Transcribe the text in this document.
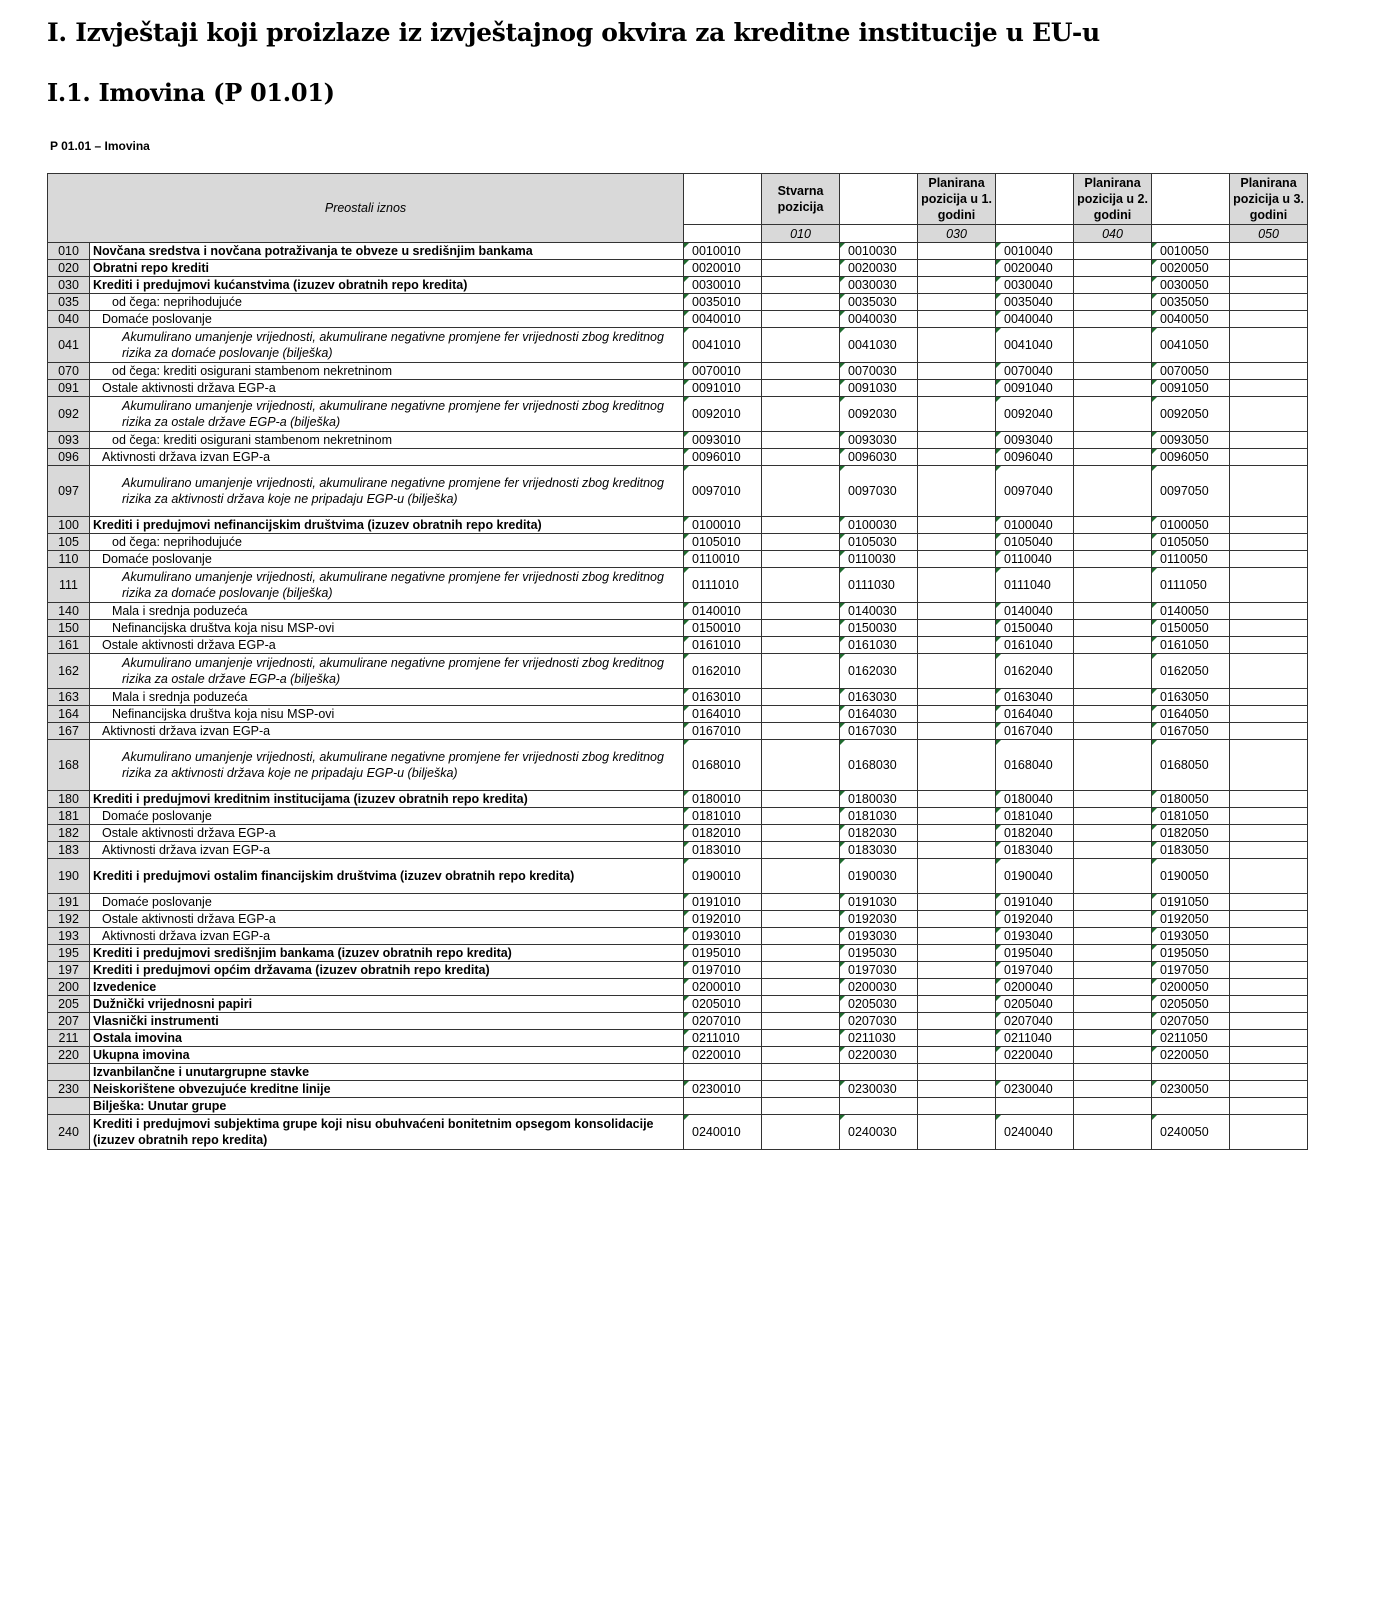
I. Izvještaji koji proizlaze iz izvještajnog okvira za kreditne institucije u EU-u
I.1. Imovina (P 01.01)
P 01.01 – Imovina
Preostali iznos			Stvarna pozicija		Planirana pozicija u 1. godini		Planirana pozicija u 2. godini		Planirana pozicija u 3. godini
			010		030		040		050
010	Novčana sredstva i novčana potraživanja te obveze u središnjim bankama	0010010		0010030		0010040		0010050	
020	Obratni repo krediti	0020010		0020030		0020040		0020050	
030	Krediti i predujmovi kućanstvima (izuzev obratnih repo kredita)	0030010		0030030		0030040		0030050	
035	od čega: neprihodujuće	0035010		0035030		0035040		0035050	
040	Domaće poslovanje	0040010		0040030		0040040		0040050	
041	Akumulirano umanjenje vrijednosti, akumulirane negativne promjene fer vrijednosti zbog kreditnog rizika za domaće poslovanje (bilješka)	0041010		0041030		0041040		0041050	
070	od čega: krediti osigurani stambenom nekretninom	0070010		0070030		0070040		0070050	
091	Ostale aktivnosti država EGP-a	0091010		0091030		0091040		0091050	
092	Akumulirano umanjenje vrijednosti, akumulirane negativne promjene fer vrijednosti zbog kreditnog rizika za ostale države EGP-a (bilješka)	0092010		0092030		0092040		0092050	
093	od čega: krediti osigurani stambenom nekretninom	0093010		0093030		0093040		0093050	
096	Aktivnosti država izvan EGP-a	0096010		0096030		0096040		0096050	
097	Akumulirano umanjenje vrijednosti, akumulirane negativne promjene fer vrijednosti zbog kreditnog rizika za aktivnosti država koje ne pripadaju EGP-u (bilješka)	0097010		0097030		0097040		0097050	
100	Krediti i predujmovi nefinancijskim društvima (izuzev obratnih repo kredita)	0100010		0100030		0100040		0100050	
105	od čega: neprihodujuće	0105010		0105030		0105040		0105050	
110	Domaće poslovanje	0110010		0110030		0110040		0110050	
111	Akumulirano umanjenje vrijednosti, akumulirane negativne promjene fer vrijednosti zbog kreditnog rizika za domaće poslovanje (bilješka)	0111010		0111030		0111040		0111050	
140	Mala i srednja poduzeća	0140010		0140030		0140040		0140050	
150	Nefinancijska društva koja nisu MSP-ovi	0150010		0150030		0150040		0150050	
161	Ostale aktivnosti država EGP-a	0161010		0161030		0161040		0161050	
162	Akumulirano umanjenje vrijednosti, akumulirane negativne promjene fer vrijednosti zbog kreditnog rizika za ostale države EGP-a (bilješka)	0162010		0162030		0162040		0162050	
163	Mala i srednja poduzeća	0163010		0163030		0163040		0163050	
164	Nefinancijska društva koja nisu MSP-ovi	0164010		0164030		0164040		0164050	
167	Aktivnosti država izvan EGP-a	0167010		0167030		0167040		0167050	
168	Akumulirano umanjenje vrijednosti, akumulirane negativne promjene fer vrijednosti zbog kreditnog rizika za aktivnosti država koje ne pripadaju EGP-u (bilješka)	0168010		0168030		0168040		0168050	
180	Krediti i predujmovi kreditnim institucijama (izuzev obratnih repo kredita)	0180010		0180030		0180040		0180050	
181	Domaće poslovanje	0181010		0181030		0181040		0181050	
182	Ostale aktivnosti država EGP-a	0182010		0182030		0182040		0182050	
183	Aktivnosti država izvan EGP-a	0183010		0183030		0183040		0183050	
190	Krediti i predujmovi ostalim financijskim društvima (izuzev obratnih repo kredita)	0190010		0190030		0190040		0190050	
191	Domaće poslovanje	0191010		0191030		0191040		0191050	
192	Ostale aktivnosti država EGP-a	0192010		0192030		0192040		0192050	
193	Aktivnosti država izvan EGP-a	0193010		0193030		0193040		0193050	
195	Krediti i predujmovi središnjim bankama (izuzev obratnih repo kredita)	0195010		0195030		0195040		0195050	
197	Krediti i predujmovi općim državama (izuzev obratnih repo kredita)	0197010		0197030		0197040		0197050	
200	Izvedenice	0200010		0200030		0200040		0200050	
205	Dužnički vrijednosni papiri	0205010		0205030		0205040		0205050	
207	Vlasnički instrumenti	0207010		0207030		0207040		0207050	
211	Ostala imovina	0211010		0211030		0211040		0211050	
220	Ukupna imovina	0220010		0220030		0220040		0220050	
	Izvanbilančne i unutargrupne stavke								
230	Neiskorištene obvezujuće kreditne linije	0230010		0230030		0230040		0230050	
	Bilješka: Unutar grupe								
240	Krediti i predujmovi subjektima grupe koji nisu obuhvaćeni bonitetnim opsegom konsolidacije (izuzev obratnih repo kredita)	0240010		0240030		0240040		0240050	
